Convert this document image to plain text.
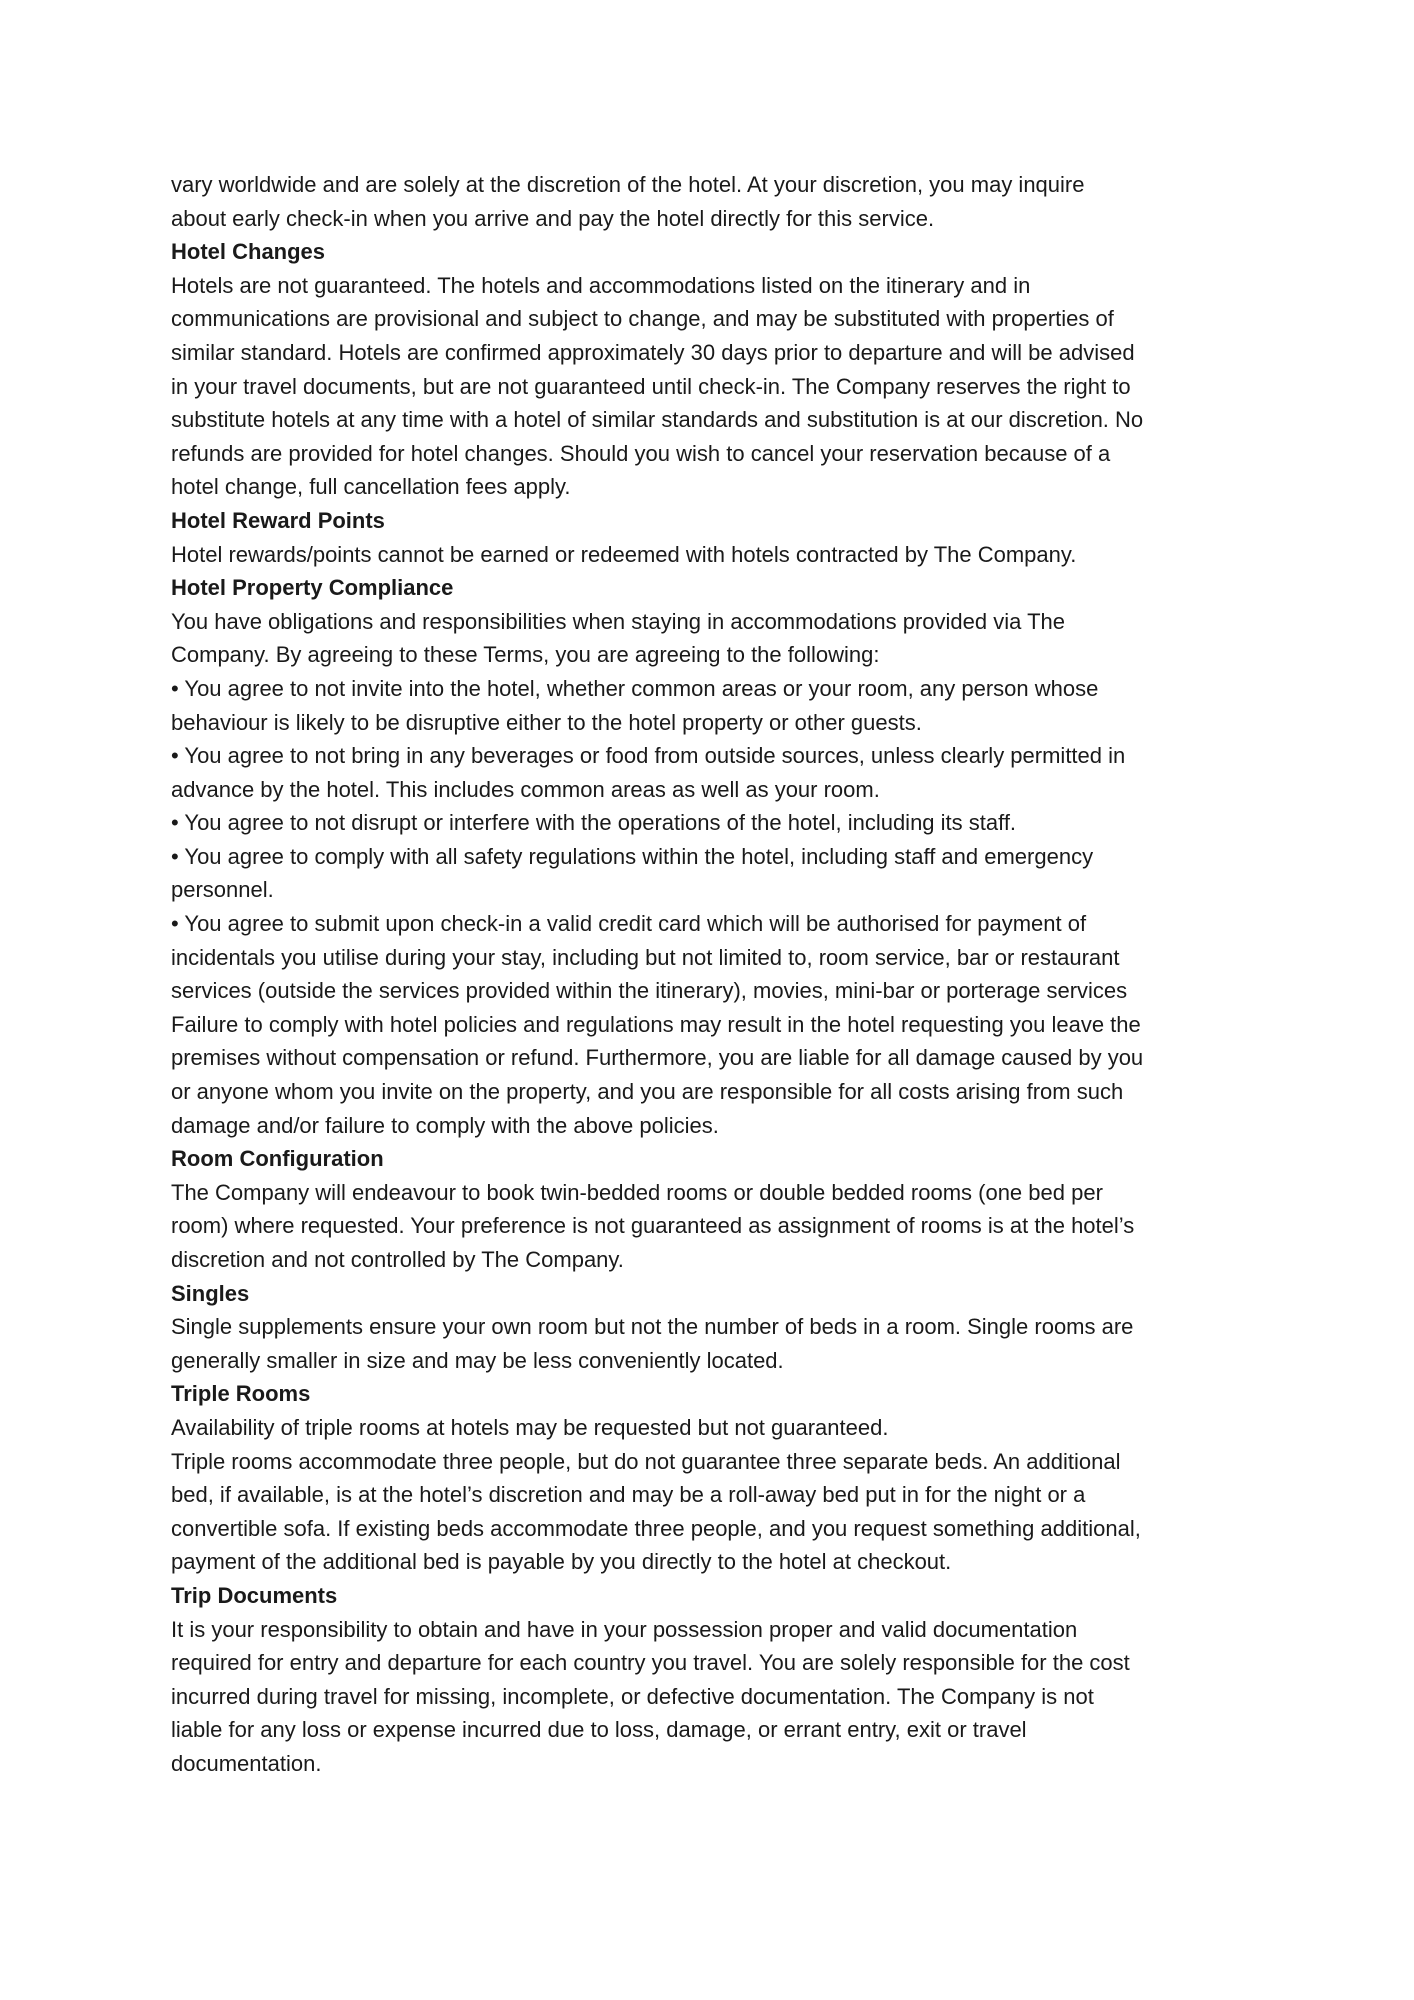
vary worldwide and are solely at the discretion of the hotel. At your discretion, you may inquire
about early check-in when you arrive and pay the hotel directly for this service.

Hotel Changes

Hotels are not guaranteed. The hotels and accommodations listed on the itinerary and in
communications are provisional and subject to change, and may be substituted with properties of
similar standard. Hotels are confirmed approximately 30 days prior to departure and will be advised
in your travel documents, but are not guaranteed until check-in. The Company reserves the right to
substitute hotels at any time with a hotel of similar standards and substitution is at our discretion. No
refunds are provided for hotel changes. Should you wish to cancel your reservation because of a
hotel change, full cancellation fees apply.

Hotel Reward Points

Hotel rewards/points cannot be earned or redeemed with hotels contracted by The Company.

Hotel Property Compliance

You have obligations and responsibilities when staying in accommodations provided via The
Company. By agreeing to these Terms, you are agreeing to the following:

• You agree to not invite into the hotel, whether common areas or your room, any person whose
behaviour is likely to be disruptive either to the hotel property or other guests.

• You agree to not bring in any beverages or food from outside sources, unless clearly permitted in
advance by the hotel. This includes common areas as well as your room.

• You agree to not disrupt or interfere with the operations of the hotel, including its staff.

• You agree to comply with all safety regulations within the hotel, including staff and emergency
personnel.

• You agree to submit upon check-in a valid credit card which will be authorised for payment of
incidentals you utilise during your stay, including but not limited to, room service, bar or restaurant
services (outside the services provided within the itinerary), movies, mini-bar or porterage services
Failure to comply with hotel policies and regulations may result in the hotel requesting you leave the
premises without compensation or refund. Furthermore, you are liable for all damage caused by you
or anyone whom you invite on the property, and you are responsible for all costs arising from such
damage and/or failure to comply with the above policies.

Room Configuration

The Company will endeavour to book twin-bedded rooms or double bedded rooms (one bed per
room) where requested. Your preference is not guaranteed as assignment of rooms is at the hotel’s
discretion and not controlled by The Company.

Singles

Single supplements ensure your own room but not the number of beds in a room. Single rooms are
generally smaller in size and may be less conveniently located.

Triple Rooms

Availability of triple rooms at hotels may be requested but not guaranteed.

Triple rooms accommodate three people, but do not guarantee three separate beds. An additional
bed, if available, is at the hotel’s discretion and may be a roll-away bed put in for the night or a
convertible sofa. If existing beds accommodate three people, and you request something additional,
payment of the additional bed is payable by you directly to the hotel at checkout.

Trip Documents

It is your responsibility to obtain and have in your possession proper and valid documentation
required for entry and departure for each country you travel. You are solely responsible for the cost
incurred during travel for missing, incomplete, or defective documentation. The Company is not
liable for any loss or expense incurred due to loss, damage, or errant entry, exit or travel
documentation.
